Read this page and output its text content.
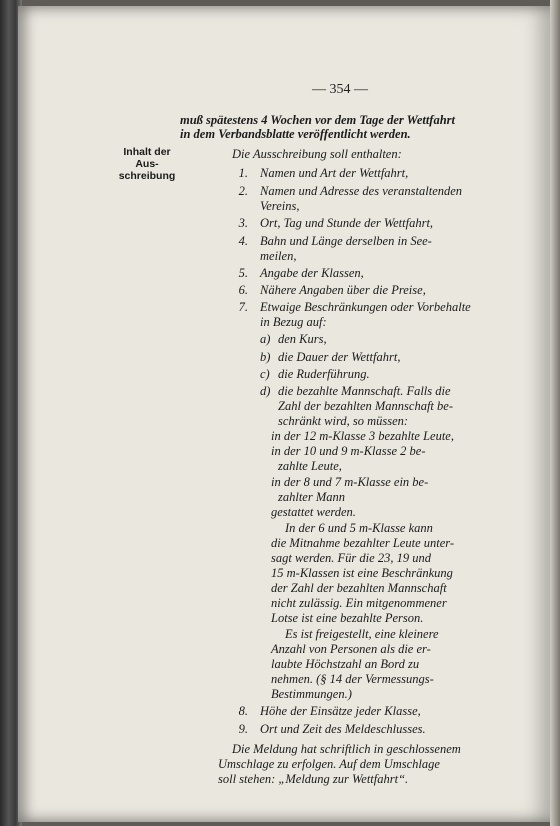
— 354 —
muß spätestens 4 Wochen vor dem Tage der Wettfahrt
in dem Verbandsblatte veröffentlicht werden.
Inhalt der
Aus-
schreibung
Die Ausschreibung soll enthalten:
1. Namen und Art der Wettfahrt,
2. Namen und Adresse des veranstaltenden
Vereins,
3. Ort, Tag und Stunde der Wettfahrt,
4. Bahn und Länge derselben in See-
meilen,
5. Angabe der Klassen,
6. Nähere Angaben über die Preise,
7. Etwaige Beschränkungen oder Vorbehalte
in Bezug auf:
a) den Kurs,
b) die Dauer der Wettfahrt,
c) die Ruderführung.
d) die bezahlte Mannschaft. Falls die
Zahl der bezahlten Mannschaft be-
schränkt wird, so müssen:
in der 12 m-Klasse 3 bezahlte Leute,
in der 10 und 9 m-Klasse 2 be-
zahlte Leute,
in der 8 und 7 m-Klasse ein be-
zahlter Mann
gestattet werden.
In der 6 und 5 m-Klasse kann
die Mitnahme bezahlter Leute unter-
sagt werden. Für die 23, 19 und
15 m-Klassen ist eine Beschränkung
der Zahl der bezahlten Mannschaft
nicht zulässig. Ein mitgenommener
Lotse ist eine bezahlte Person.
Es ist freigestellt, eine kleinere
Anzahl von Personen als die er-
laubte Höchstzahl an Bord zu
nehmen. (§ 14 der Vermessungs-
Bestimmungen.)
8. Höhe der Einsätze jeder Klasse,
9. Ort und Zeit des Meldeschlusses.
Die Meldung hat schriftlich in geschlossenem
Umschlage zu erfolgen. Auf dem Umschlage
soll stehen: „Meldung zur Wettfahrt“.
